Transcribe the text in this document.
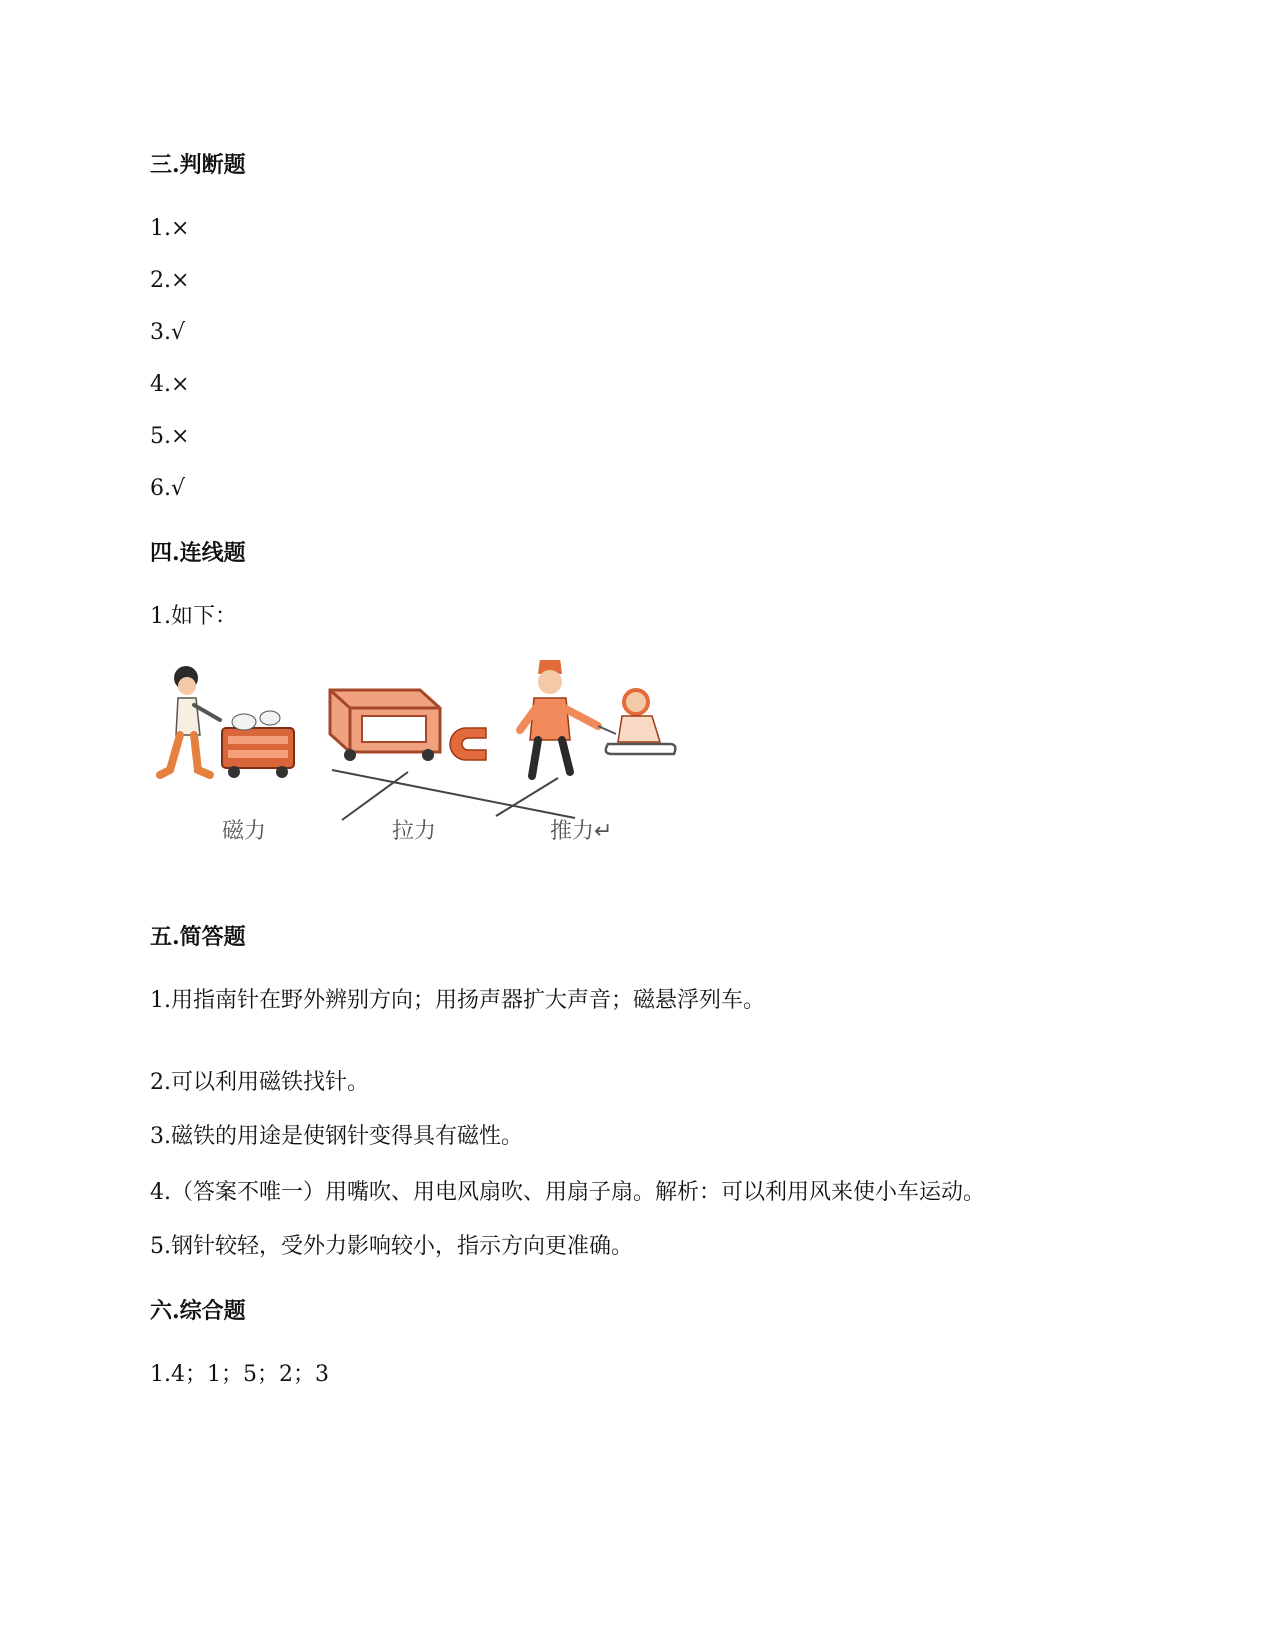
三.判断题
1.×
2.×
3.√
4.×
5.×
6.√
四.连线题
1.如下：
磁力	拉力	推力↵
五.简答题
1.用指南针在野外辨别方向；用扬声器扩大声音；磁悬浮列车。
2.可以利用磁铁找针。
3.磁铁的用途是使钢针变得具有磁性。
4.（答案不唯一）用嘴吹、用电风扇吹、用扇子扇。解析：可以利用风来使小车运动。
5.钢针较轻，受外力影响较小，指示方向更准确。
六.综合题
1.4；1；5；2；3
